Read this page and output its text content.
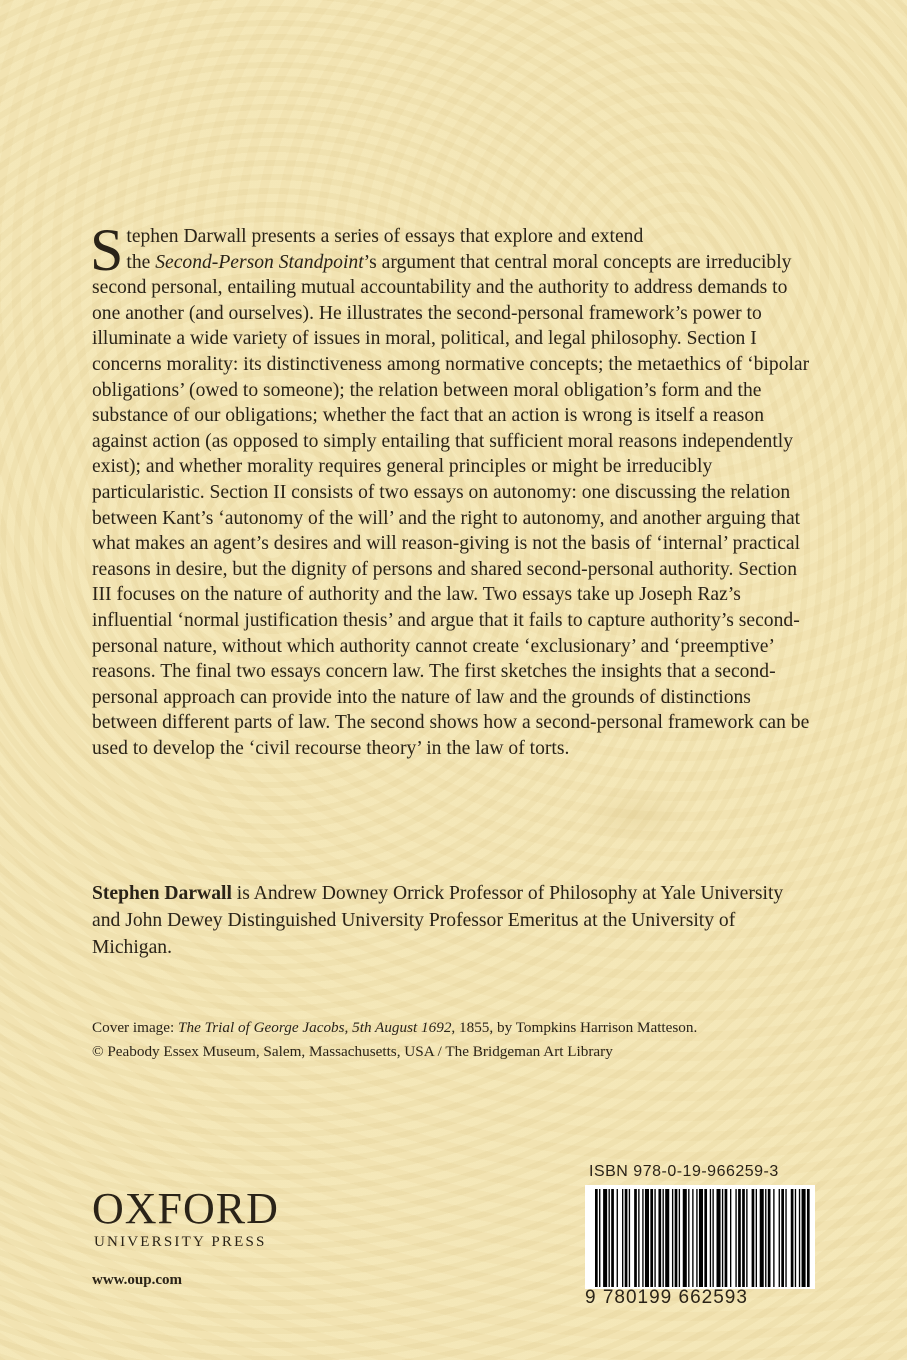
Stephen Darwall presents a series of essays that explore and extend
the Second-Person Standpoint’s argument that central moral concepts are irreducibly second personal, entailing mutual accountability and the authority to address demands to one another (and ourselves). He illustrates the second-personal framework’s power to illuminate a wide variety of issues in moral, political, and legal philosophy. Section I concerns morality: its distinctiveness among normative concepts; the metaethics of ‘bipolar obligations’ (owed to someone); the relation between moral obligation’s form and the substance of our obligations; whether the fact that an action is wrong is itself a reason against action (as opposed to simply entailing that sufficient moral reasons independently exist); and whether morality requires general principles or might be irreducibly particularistic. Section II consists of two essays on autonomy: one discussing the relation between Kant’s ‘autonomy of the will’ and the right to autonomy, and another arguing that what makes an agent’s desires and will reason-giving is not the basis of ‘internal’ practical reasons in desire, but the dignity of persons and shared second-personal authority. Section III focuses on the nature of authority and the law. Two essays take up Joseph Raz’s influential ‘normal justification thesis’ and argue that it fails to capture authority’s second-personal nature, without which authority cannot create ‘exclusionary’ and ‘preemptive’ reasons. The final two essays concern law. The first sketches the insights that a second-personal approach can provide into the nature of law and the grounds of distinctions between different parts of law. The second shows how a second-personal framework can be used to develop the ‘civil recourse theory’ in the law of torts.

Stephen Darwall is Andrew Downey Orrick Professor of Philosophy at Yale University and John Dewey Distinguished University Professor Emeritus at the University of Michigan.

Cover image: The Trial of George Jacobs, 5th August 1692, 1855, by Tompkins Harrison Matteson.
© Peabody Essex Museum, Salem, Massachusetts, USA / The Bridgeman Art Library

OXFORD
UNIVERSITY PRESS
www.oup.com
ISBN 978-0-19-966259-3
9 780199 662593
